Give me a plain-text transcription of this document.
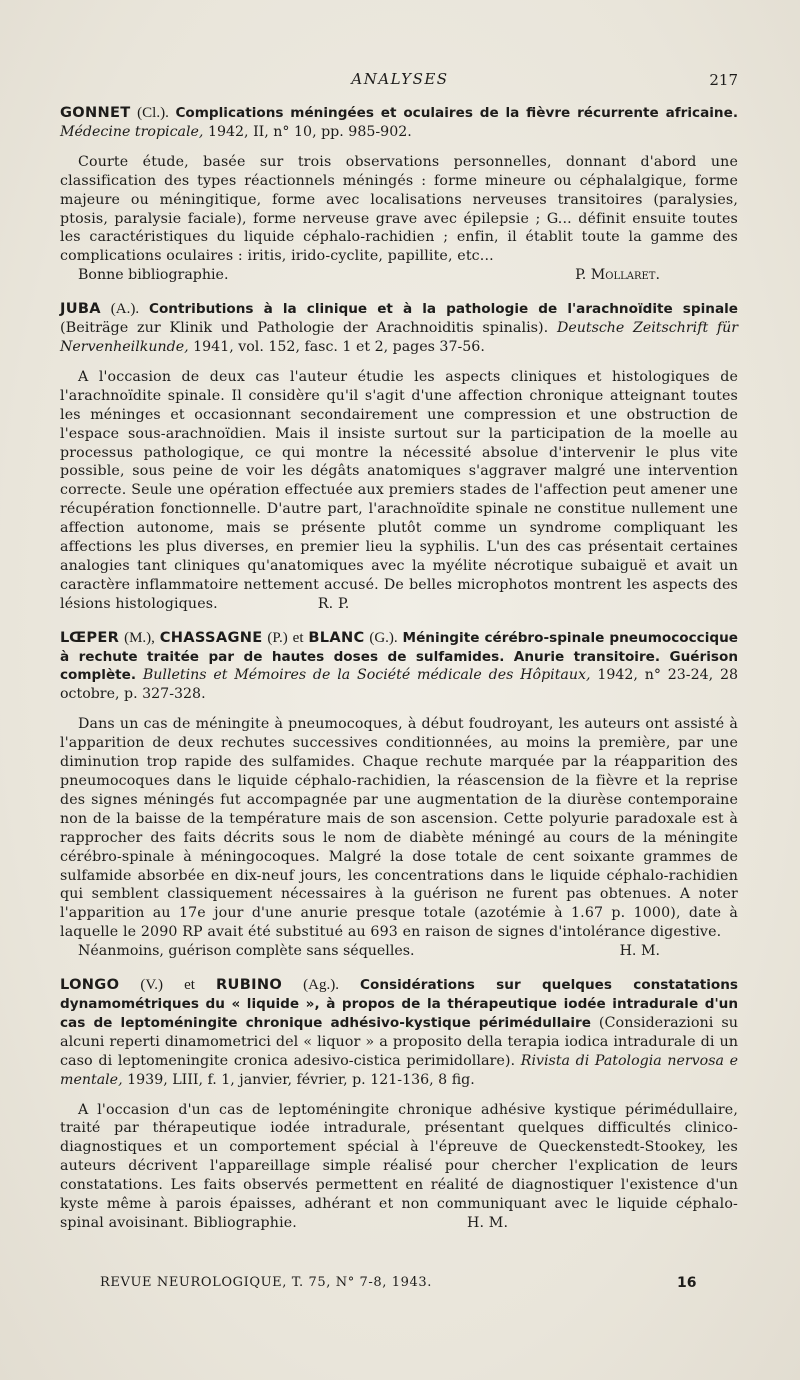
ANALYSES	217
GONNET (Cl.). Complications méningées et oculaires de la fièvre récurrente africaine. Médecine tropicale, 1942, II, n° 10, pp. 985-902.
Courte étude, basée sur trois observations personnelles, donnant d'abord une classification des types réactionnels méningés : forme mineure ou céphalalgique, forme majeure ou méningitique, forme avec localisations nerveuses transitoires (paralysies, ptosis, paralysie faciale), forme nerveuse grave avec épilepsie ; G... définit ensuite toutes les caractéristiques du liquide céphalo-rachidien ; enfin, il établit toute la gamme des complications oculaires : iritis, irido-cyclite, papillite, etc...
Bonne bibliographie.	P. Mollaret.
JUBA (A.). Contributions à la clinique et à la pathologie de l'arachnoïdite spinale (Beiträge zur Klinik und Pathologie der Arachnoiditis spinalis). Deutsche Zeitschrift für Nervenheilkunde, 1941, vol. 152, fasc. 1 et 2, pages 37-56.
A l'occasion de deux cas l'auteur étudie les aspects cliniques et histologiques de l'arachnoïdite spinale. Il considère qu'il s'agit d'une affection chronique atteignant toutes les méninges et occasionnant secondairement une compression et une obstruction de l'espace sous-arachnoïdien. Mais il insiste surtout sur la participation de la moelle au processus pathologique, ce qui montre la nécessité absolue d'intervenir le plus vite possible, sous peine de voir les dégâts anatomiques s'aggraver malgré une intervention correcte. Seule une opération effectuée aux premiers stades de l'affection peut amener une récupération fonctionnelle. D'autre part, l'arachnoïdite spinale ne constitue nullement une affection autonome, mais se présente plutôt comme un syndrome compliquant les affections les plus diverses, en premier lieu la syphilis. L'un des cas présentait certaines analogies tant cliniques qu'anatomiques avec la myélite nécrotique subaiguë et avait un caractère inflammatoire nettement accusé. De belles microphotos montrent les aspects des lésions histologiques.	R. P.
LŒPER (M.), CHASSAGNE (P.) et BLANC (G.). Méningite cérébro-spinale pneumococcique à rechute traitée par de hautes doses de sulfamides. Anurie transitoire. Guérison complète. Bulletins et Mémoires de la Société médicale des Hôpitaux, 1942, n° 23-24, 28 octobre, p. 327-328.
Dans un cas de méningite à pneumocoques, à début foudroyant, les auteurs ont assisté à l'apparition de deux rechutes successives conditionnées, au moins la première, par une diminution trop rapide des sulfamides. Chaque rechute marquée par la réapparition des pneumocoques dans le liquide céphalo-rachidien, la réascension de la fièvre et la reprise des signes méningés fut accompagnée par une augmentation de la diurèse contemporaine non de la baisse de la température mais de son ascension. Cette polyurie paradoxale est à rapprocher des faits décrits sous le nom de diabète méningé au cours de la méningite cérébro-spinale à méningocoques. Malgré la dose totale de cent soixante grammes de sulfamide absorbée en dix-neuf jours, les concentrations dans le liquide céphalo-rachidien qui semblent classiquement nécessaires à la guérison ne furent pas obtenues. A noter l'apparition au 17e jour d'une anurie presque totale (azotémie à 1.67 p. 1000), date à laquelle le 2090 RP avait été substitué au 693 en raison de signes d'intolérance digestive.
Néanmoins, guérison complète sans séquelles.	H. M.
LONGO (V.) et RUBINO (Ag.). Considérations sur quelques constatations dynamométriques du « liquide », à propos de la thérapeutique iodée intradurale d'un cas de leptoméningite chronique adhésivo-kystique périmédullaire (Considerazioni su alcuni reperti dinamometrici del « liquor » a proposito della terapia iodica intradurale di un caso di leptomeningite cronica adesivo-cistica perimidollare). Rivista di Patologia nervosa e mentale, 1939, LIII, f. 1, janvier, février, p. 121-136, 8 fig.
A l'occasion d'un cas de leptoméningite chronique adhésive kystique périmédullaire, traité par thérapeutique iodée intradurale, présentant quelques difficultés clinico-diagnostiques et un comportement spécial à l'épreuve de Queckenstedt-Stookey, les auteurs décrivent l'appareillage simple réalisé pour chercher l'explication de leurs constatations. Les faits observés permettent en réalité de diagnostiquer l'existence d'un kyste même à parois épaisses, adhérant et non communiquant avec le liquide céphalo-spinal avoisinant. Bibliographie.	H. M.
REVUE NEUROLOGIQUE, T. 75, N° 7-8, 1943.	16
